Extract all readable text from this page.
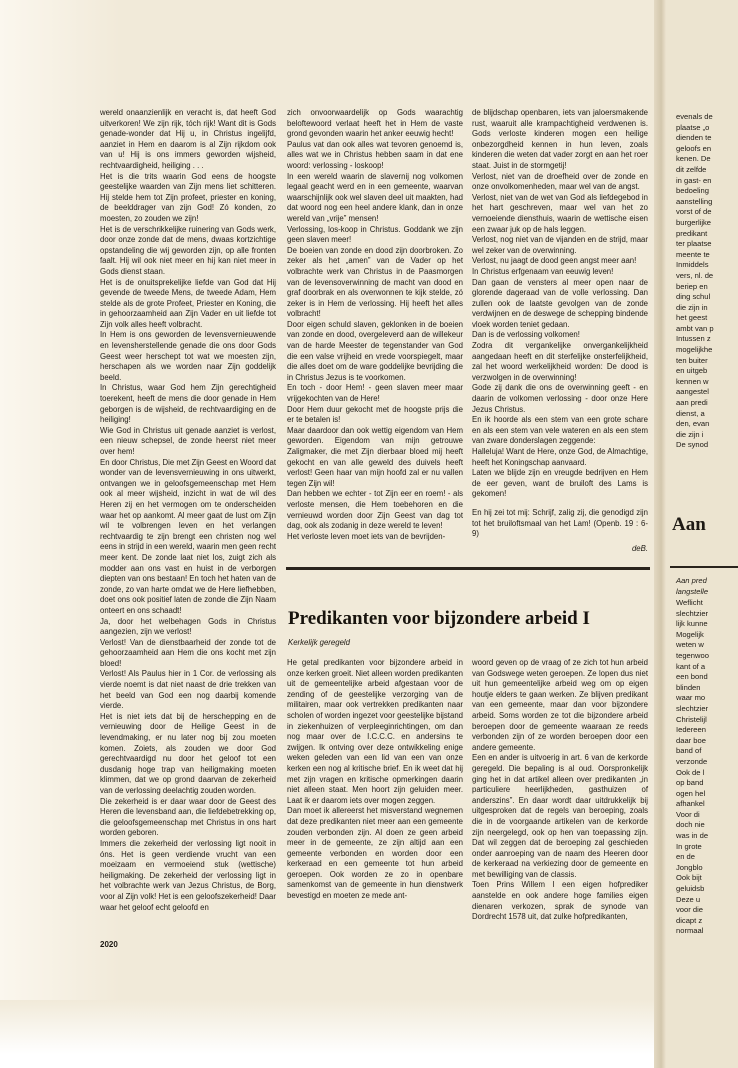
wereld onaanzienlijk en veracht is, dat heeft God uitverkoren! We zijn rijk, tóch rijk! Want dit is Gods genade-wonder dat Hij u, in Christus ingelijfd, aanziet in Hem en daarom is al Zijn rijkdom ook van u! Hij is ons immers geworden wijsheid, rechtvaardigheid, heiliging . . .

Het is die trits waarin God eens de hoogste geestelijke waarden van Zijn mens liet schitteren. Hij stelde hem tot Zijn profeet, priester en koning, de beelddrager van zijn God! Zó konden, zo moesten, zo zouden we zijn!

Het is de verschrikkelijke ruinering van Gods werk, door onze zonde dat de mens, dwaas kortzichtige opstandeling die wij geworden zijn, op alle fronten faalt. Hij wil ook niet meer en hij kan niet meer in Gods dienst staan.

Het is de onuitsprekelijke liefde van God dat Hij gevende de tweede Mens, de tweede Adam, Hem stelde als de grote Profeet, Priester en Koning, die in gehoorzaamheid aan Zijn Vader en uit liefde tot Zijn volk alles heeft volbracht.

In Hem is ons geworden de levensvernieuwende en levensherstellende genade die ons door Gods Geest weer herschept tot wat we moesten zijn, herschapen als we worden naar Zijn goddelijk beeld.

In Christus, waar God hem Zijn gerechtigheid toerekent, heeft de mens die door genade in Hem geborgen is de wijsheid, de rechtvaardiging en de heiliging!

Wie God in Christus uit genade aanziet is verlost, een nieuw schepsel, de zonde heerst niet meer over hem!

En door Christus, Die met Zijn Geest en Woord dat wonder van de levensvernieuwing in ons uitwerkt, ontvangen we in geloofsgemeenschap met Hem ook al meer wijsheid, inzicht in wat de wil des Heren zij en het vermogen om te onderscheiden waar het op aankomt. Al meer gaat de lust om Zijn wil te volbrengen leven en het verlangen rechtvaardig te zijn brengt een christen nog wel eens in strijd in een wereld, waarin men geen recht meer kent. De zonde laat niet los, zuigt zich als modder aan ons vast en huist in de verborgen diepten van ons bestaan! En toch het haten van de zonde, zo van harte omdat we de Here liefhebben, doet ons ook positief laten de zonde die Zijn Naam onteert en ons schaadt!

Ja, door het welbehagen Gods in Christus aangezien, zijn we verlost!

Verlost! Van de dienstbaarheid der zonde tot de gehoorzaamheid aan Hem die ons kocht met zijn bloed!

Verlost! Als Paulus hier in 1 Cor. de verlossing als vierde noemt is dat niet naast de drie trekken van het beeld van God een nog daarbij komende vierde.

Het is niet iets dat bij de herschepping en de vernieuwing door de Heilige Geest in de levendmaking, er nu later nog bij zou moeten komen. Zoiets, als zouden we door God gerechtvaardigd nu door het geloof tot een dusdanig hoge trap van heiligmaking moeten klimmen, dat we op grond daarvan de zekerheid van de verlossing deelachtig zouden worden.

Die zekerheid is er daar waar door de Geest des Heren die levensband aan, die liefdebetrekking op, die geloofsgemeenschap met Christus in ons hart worden geboren.

Immers die zekerheid der verlossing ligt nooit in óns. Het is geen verdiende vrucht van een moeizaam en vermoeiend stuk (wettische) heiligmaking. De zekerheid der verlossing ligt in het volbrachte werk van Jezus Christus, de Borg, voor al Zijn volk! Het is een geloofszekerheid! Daar waar het geloof echt geloofd en

zich onvoorwaardelijk op Gods waarachtig beloftewoord verlaat heeft het in Hem de vaste grond gevonden waarin het anker eeuwig hecht!

Paulus vat dan ook alles wat tevoren genoemd is, alles wat we in Christus hebben saam in dat ene woord: verlossing - loskoop!

In een wereld waarin de slavernij nog volkomen legaal geacht werd en in een gemeente, waarvan waarschijnlijk ook wel slaven deel uit maakten, had dat woord nog een heel andere klank, dan in onze wereld van „vrije” mensen!

Verlossing, los-koop in Christus. Goddank we zijn geen slaven meer!

De boeien van zonde en dood zijn doorbroken. Zo zeker als het „amen” van de Vader op het volbrachte werk van Christus in de Paasmorgen van de levensoverwinning de macht van dood en graf doorbrak en als overwonnen te kijk stelde, zó zeker is in Hem de verlossing. Hij heeft het alles volbracht!

Door eigen schuld slaven, geklonken in de boeien van zonde en dood, overgeleverd aan de willekeur van de harde Meester de tegenstander van God die een valse vrijheid en vrede voorspiegelt, maar die alles doet om de ware goddelijke bevrijding die in Christus Jezus is te voorkomen.

En toch - door Hem! - geen slaven meer maar vrijgekochten van de Here!

Door Hem duur gekocht met de hoogste prijs die er te betalen is!

Maar daardoor dan ook wettig eigendom van Hem geworden. Eigendom van mijn getrouwe Zaligmaker, die met Zijn dierbaar bloed mij heeft gekocht en van alle geweld des duivels heeft verlost! Geen haar van mijn hoofd zal er nu vallen tegen Zijn wil!

Dan hebben we echter - tot Zijn eer en roem! - als verloste mensen, die Hem toebehoren en die vernieuwd worden door Zijn Geest van dag tot dag, ook als zodanig in deze wereld te leven!

Het verloste leven moet iets van de bevrijden-

de blijdschap openbaren, iets van jaloersmakende rust, waaruit alle krampachtigheid verdwenen is. Gods verloste kinderen mogen een heilige onbezorgdheid kennen in hun leven, zoals kinderen die weten dat vader zorgt en aan het roer staat. Juist in de stormgetij!

Verlost, niet van de droefheid over de zonde en onze onvolkomenheden, maar wel van de angst.

Verlost, niet van de wet van God als liefdegebod in het hart geschreven, maar wel van het zo vernoeiende diensthuis, waarin de wettische eisen een zwaar juk op de hals leggen.

Verlost, nog niet van de vijanden en de strijd, maar wel zeker van de overwinning.

Verlost, nu jaagt de dood geen angst meer aan!

In Christus erfgenaam van eeuwig leven!

Dan gaan de vensters al meer open naar de glorende dageraad van de volle verlossing. Dan zullen ook de laatste gevolgen van de zonde verdwijnen en de deswege de schepping bindende vloek worden teniet gedaan.

Dan is de verlossing volkomen!

Zodra dit vergankelijke onvergankelijkheid aangedaan heeft en dit sterfelijke onsterfelijkheid, zal het woord werkelijkheid worden: De dood is verzwolgen in de overwinning!

Gode zij dank die ons de overwinning geeft - en daarin de volkomen verlossing - door onze Here Jezus Christus.

En ik hoorde als een stem van een grote schare en als een stem van vele wateren en als een stem van zware donderslagen zeggende:

Halleluja! Want de Here, onze God, de Almachtige, heeft het Koningschap aanvaard.

Laten we blijde zijn en vreugde bedrijven en Hem de eer geven, want de bruiloft des Lams is gekomen!

En hij zei tot mij: Schrijf, zalig zij, die genodigd zijn tot het bruiloftsmaal van het Lam! (Openb. 19 : 6-9)

deB.
Predikanten voor bijzondere arbeid I
Kerkelijk geregeld

He getal predikanten voor bijzondere arbeid in onze kerken groeit. Niet alleen worden predikanten uit de gemeentelijke arbeid afgestaan voor de zending of de geestelijke verzorging van de militairen, maar ook vertrekken predikanten naar scholen of worden ingezet voor geestelijke bijstand in ziekenhuizen of verpleeginrichtingen, om dan nog maar over de I.C.C.C. en andersins te zwijgen. Ik ontving over deze ontwikkeling enige weken geleden van een lid van een van onze kerken een nog al kritische brief. En ik weet dat hij met zijn vragen en kritische opmerkingen daarin niet alleen staat. Men hoort zijn geluiden meer. Laat ik er daarom iets over mogen zeggen.

Dan moet ik allereerst het misverstand wegnemen dat deze predikanten niet meer aan een gemeente zouden verbonden zijn. Al doen ze geen arbeid meer in de gemeente, ze zijn altijd aan een gemeente verbonden en worden door een kerkeraad en een gemeente tot hun arbeid geroepen. Ook worden ze zo in openbare samenkomst van de gemeente in hun dienstwerk bevestigd en moeten ze mede ant-

woord geven op de vraag of ze zich tot hun arbeid van Godswege weten geroepen. Ze lopen dus niet uit hun gemeentelijke arbeid weg om op eigen houtje elders te gaan werken. Ze blijven predikant van een gemeente, maar dan voor bijzondere arbeid. Soms worden ze tot die bijzondere arbeid beroepen door de gemeente waaraan ze reeds verbonden zijn of ze worden beroepen door een andere gemeente.

Een en ander is uitvoerig in art. 6 van de kerkorde geregeld. Die bepaling is al oud. Oorspronkelijk ging het in dat artikel alleen over predikanten „in particuliere heerlijkheden, gasthuizen of anderszins”. En daar wordt daar uitdrukkelijk bij uitgesproken dat de regels van beroeping, zoals die in de voorgaande artikelen van de kerkorde zijn neergelegd, ook op hen van toepassing zijn. Dat wil zeggen dat de beroeping zal geschieden onder aanroeping van de naam des Heeren door de kerkeraad na verkiezing door de gemeente en met bewilliging van de classis.

Toen Prins Willem I een eigen hofprediker aanstelde en ook andere hoge families eigen dienaren verkozen, sprak de synode van Dordrecht 1578 uit, dat zulke hofpredikanten,

2020
evenals de
plaatse „o
dienden te
geloofs en
kenen. De
dit zelfde
in gast- en
bedoeling
aanstelling
vorst of de
burgerlijke
predikant
ter plaatse
meente te
Inmiddels
vers, nl. de
beriep en
ding schul
die zijn in
het geest
ambt van p
Intussen z
mogelijkhe
ten buiter
en uitgeb
kennen w
aangestel
aan predi
dienst, a
den, evan
die zijn i
De synod
Aan
Aan pred
langstelle
Weflicht
slechtzier
lijk kunne
Mogelijk
weten w
tegenwoo
kant of a
een bond
blinden
waar mo
slechtzier
Christelijl
Iedereen
daar boe
band of
verzonde
Ook de l
op band
ogen hel
afhankel
Voor di
doch nie
was in de
In grote
en de
Jongblo
Ook bijt
geluidsb
Deze u
voor die
dicapt z
normaal
